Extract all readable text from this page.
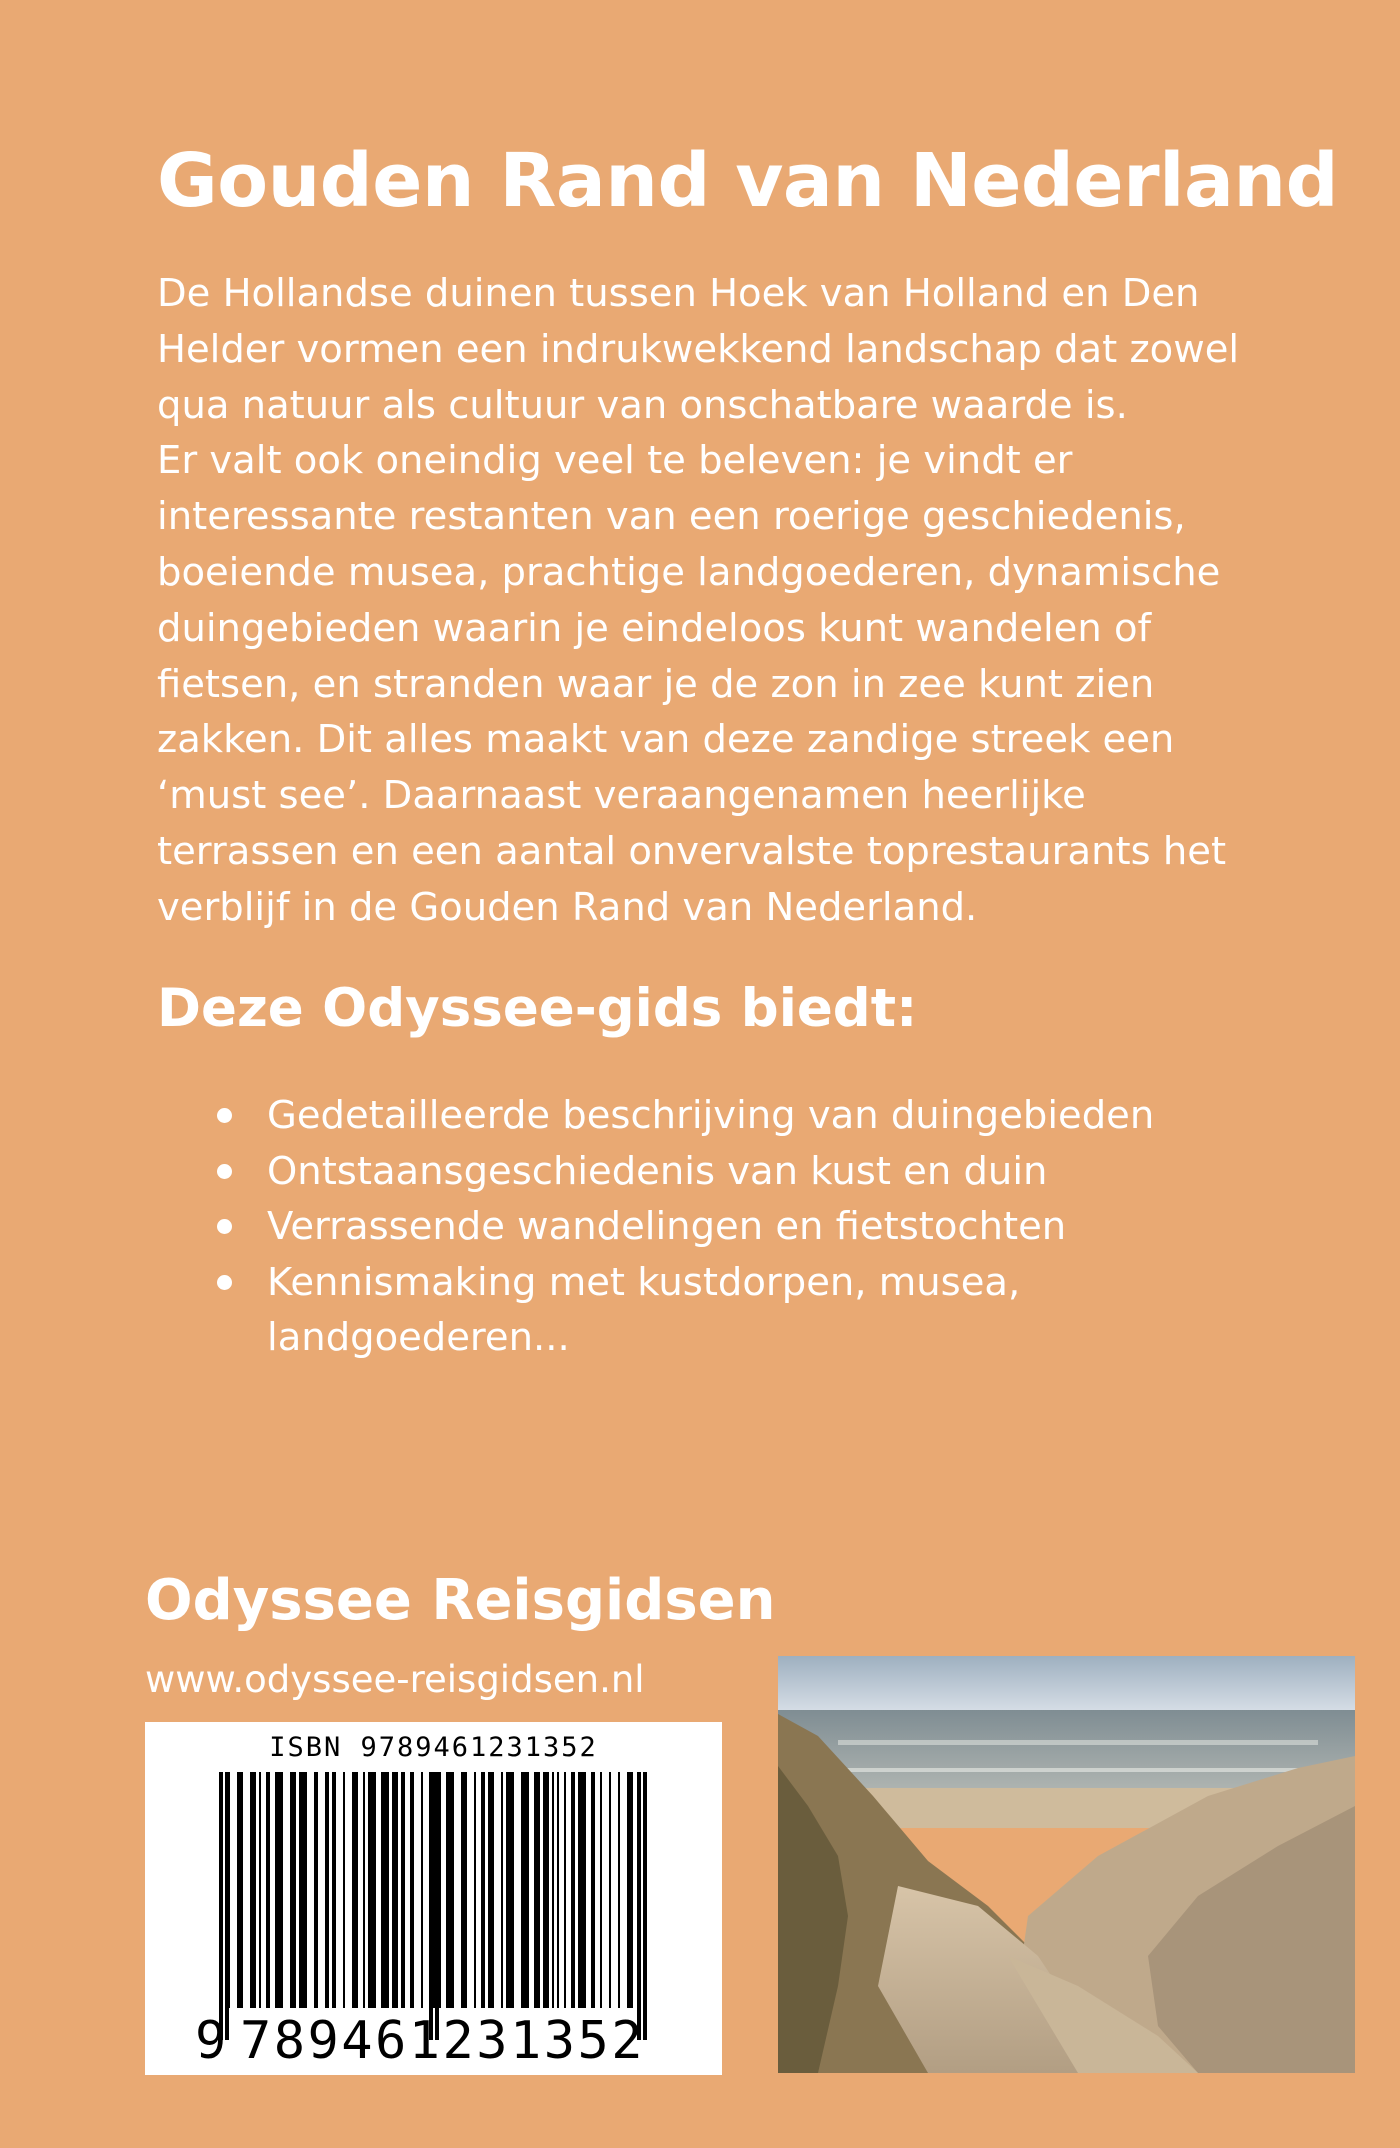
Gouden Rand van Nederland

De Hollandse duinen tussen Hoek van Holland en Den Helder vormen een indrukwekkend landschap dat zowel qua natuur als cultuur van onschatbare waarde is.

Er valt ook oneindig veel te beleven: je vindt er interessante restanten van een roerige geschiedenis, boeiende musea, prachtige landgoederen, dynamische duingebieden waarin je eindeloos kunt wandelen of fietsen, en stranden waar je de zon in zee kunt zien zakken. Dit alles maakt van deze zandige streek een ‘must see’. Daarnaast veraangenamen heerlijke terrassen en een aantal onvervalste toprestaurants het verblijf in de Gouden Rand van Nederland.

Deze Odyssee-gids biedt:
Gedetailleerde beschrijving van duingebieden
Ontstaansgeschiedenis van kust en duin
Verrassende wandelingen en fietstochten
Kennismaking met kustdorpen, musea, landgoederen...
Odyssee Reisgidsen
www.odyssee-reisgidsen.nl
9 7 8 9 4 6 1 2 3 1 3 5 2
ISBN 9789461231352
